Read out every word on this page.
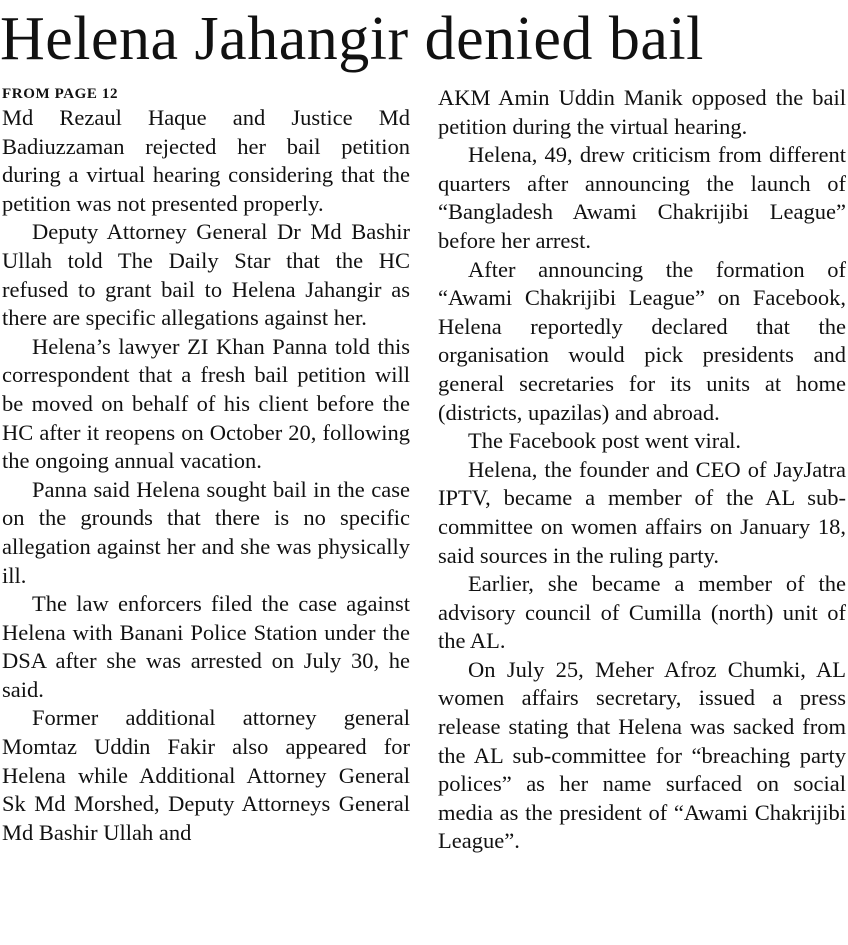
Helena Jahangir denied bail

FROM PAGE 12

Md Rezaul Haque and Justice Md Badiuzzaman rejected her bail petition during a virtual hearing considering that the petition was not presented properly.

Deputy Attorney General Dr Md Bashir Ullah told The Daily Star that the HC refused to grant bail to Helena Jahangir as there are specific allegations against her.

Helena’s lawyer ZI Khan Panna told this correspondent that a fresh bail petition will be moved on behalf of his client before the HC after it reopens on October 20, following the ongoing annual vacation.

Panna said Helena sought bail in the case on the grounds that there is no specific allegation against her and she was physically ill.

The law enforcers filed the case against Helena with Banani Police Station under the DSA after she was arrested on July 30, he said.

Former additional attorney general Momtaz Uddin Fakir also appeared for Helena while Additional Attorney General Sk Md Morshed, Deputy Attorneys General Md Bashir Ullah and

AKM Amin Uddin Manik opposed the bail petition during the virtual hearing.

Helena, 49, drew criticism from different quarters after announcing the launch of “Bangladesh Awami Chakrijibi League” before her arrest.

After announcing the formation of “Awami Chakrijibi League” on Facebook, Helena reportedly declared that the organisation would pick presidents and general secretaries for its units at home (districts, upazilas) and abroad.

The Facebook post went viral.

Helena, the founder and CEO of JayJatra IPTV, became a member of the AL sub-committee on women affairs on January 18, said sources in the ruling party.

Earlier, she became a member of the advisory council of Cumilla (north) unit of the AL.

On July 25, Meher Afroz Chumki, AL women affairs secretary, issued a press release stating that Helena was sacked from the AL sub-committee for “breaching party polices” as her name surfaced on social media as the president of “Awami Chakrijibi League”.
